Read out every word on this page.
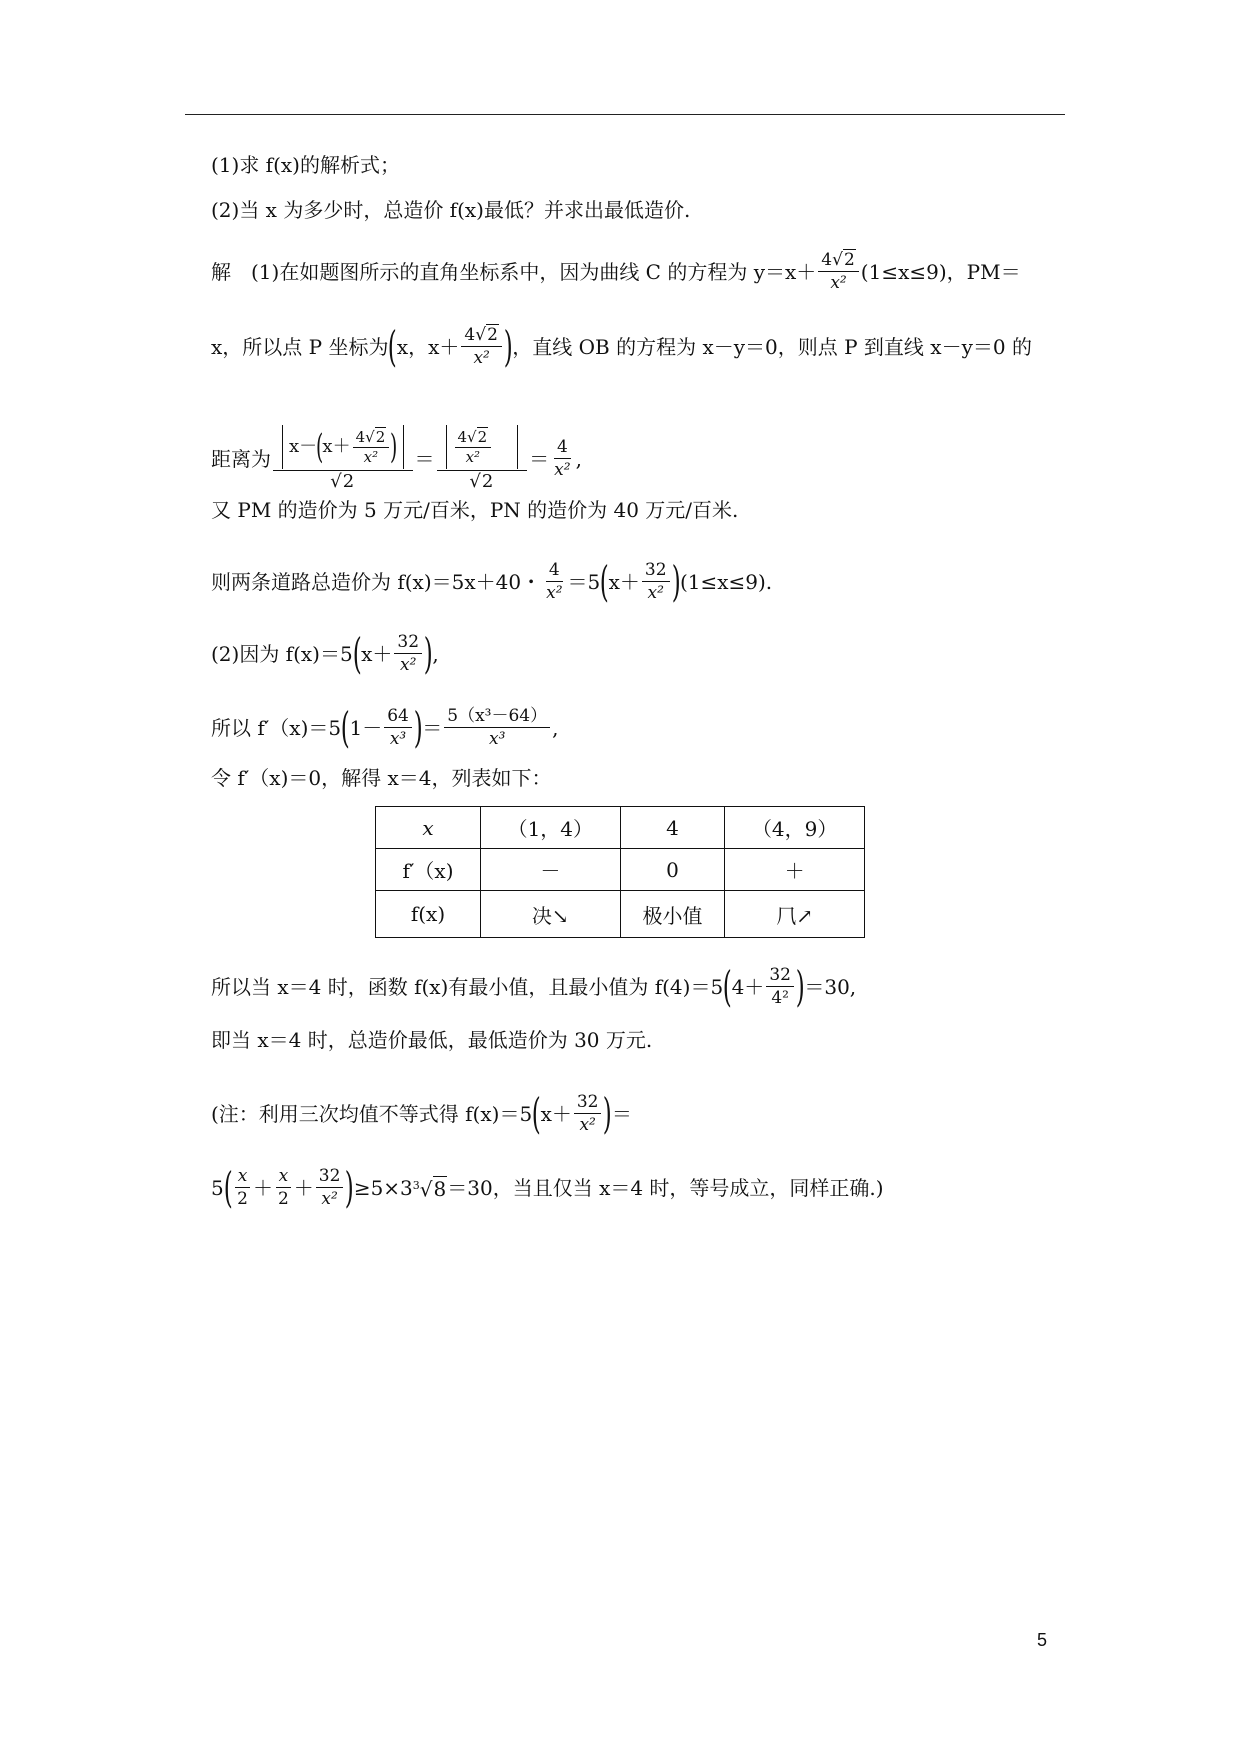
(1)求 f(x)的解析式；
(2)当 x 为多少时，总造价 f(x)最低？并求出最低造价.
解　(1)在如题图所示的直角坐标系中，因为曲线 C 的方程为 $y=x+ \frac{4√2}{\text{x²}} (1\le x\le 9)$，PM＝
x，所以点 P 坐标为 ( x，$x+ \frac{4√2}{\text{x²}}$ ) ，直线 OB 的方程为 x－y＝0，则点 P 到直线 x－y＝0 的
距离为 x－
(
$x+ \frac{4√2}{\text{x²}}$ )
√2
＝ $\frac{\frac{4√2}{\text{x²}}}{√2} = \frac{4}{\text{x²}}$ ,
又 PM 的造价为 5 万元/百米，PN 的造价为 40 万元/百米.
则两条道路总造价为 f(x)＝5x＋40・ $\frac{4}{\text{x²}} =5$ ( $x+ \frac{32}{\text{x²}}$ ) (1≤x≤9).
(2)因为 f(x)＝5 ( $x+ \frac{32}{\text{x²}}$ ) ,
所以 f′（x)＝5 ( $1- \frac{64}{\text{x³}}$ ) ＝ $\frac{\text{5（x³－64）}}{\text{x³}}$ ,
令 f′（x)＝0，解得 x＝4，列表如下：
x	（1，4）	4	（4，9）
f′（x)	－	0	＋
f(x)	决↘	极小值	⺇↗
所以当 x＝4 时，函数 f(x)有最小值，且最小值为 f(4)＝5 ( $4+ \frac{32}{\text{4²}}$ ) ＝30,
即当 x＝4 时，总造价最低，最低造价为 30 万元.
(注：利用三次均值不等式得 f(x)＝5 ( $x+ \frac{32}{\text{x²}}$ ) ＝
5 ( $\frac{x}{2} + \frac{x}{2} + \frac{32}{\text{x²}}$ ) ≥5×3 $^3$√8 ＝30，当且仅当 x＝4 时，等号成立，同样正确.)
5
